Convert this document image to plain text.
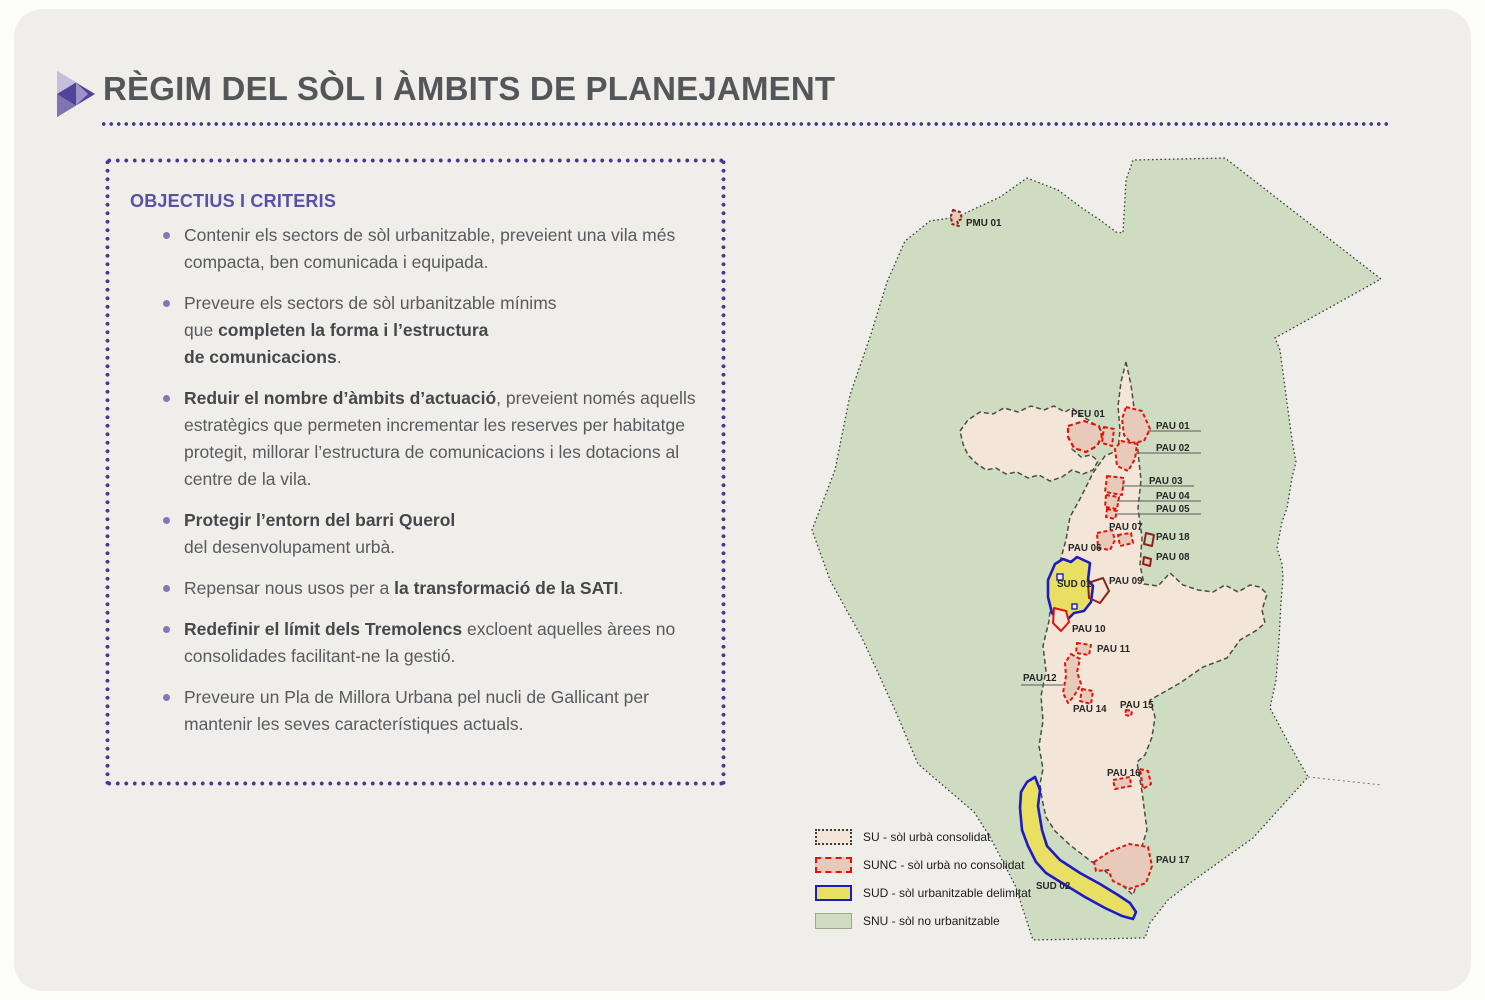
RÈGIM DEL SÒL I ÀMBITS DE PLANEJAMENT
OBJECTIUS I CRITERIS
Contenir els sectors de sòl urbanitzable, preveient una vila més compacta, ben comunicada i equipada.
Preveure els sectors de sòl urbanitzable mínims
que completen la forma i l’estructura
de comunicacions.
Reduir el nombre d’àmbits d’actuació, preveient només aquells estratègics que permeten incrementar les reserves per habitatge protegit, millorar l’estructura de comunicacions i les dotacions al centre de la vila.
Protegir l’entorn del barri Querol
del desenvolupament urbà.
Repensar nous usos per a la transformació de la SATI.
Redefinir el límit dels Tremolencs excloent aquelles àrees no consolidades facilitant-ne la gestió.
Preveure un Pla de Millora Urbana pel nucli de Gallicant per mantenir les seves característiques actuals.
PMU 01
PEU 01
PAU 01
PAU 02
PAU 03
PAU 04
PAU 05
PAU 07
PAU 06
PAU 18
PAU 08
PAU 09
PAU 10
PAU 11
PAU 12
PAU 14 PAU 15
PAU 16
PAU 17
SUD 01
SUD 02
SU - sòl urbà consolidat
SUNC - sòl urbà no consolidat
SUD - sòl urbanitzable delimitat
SNU - sòl no urbanitzable
